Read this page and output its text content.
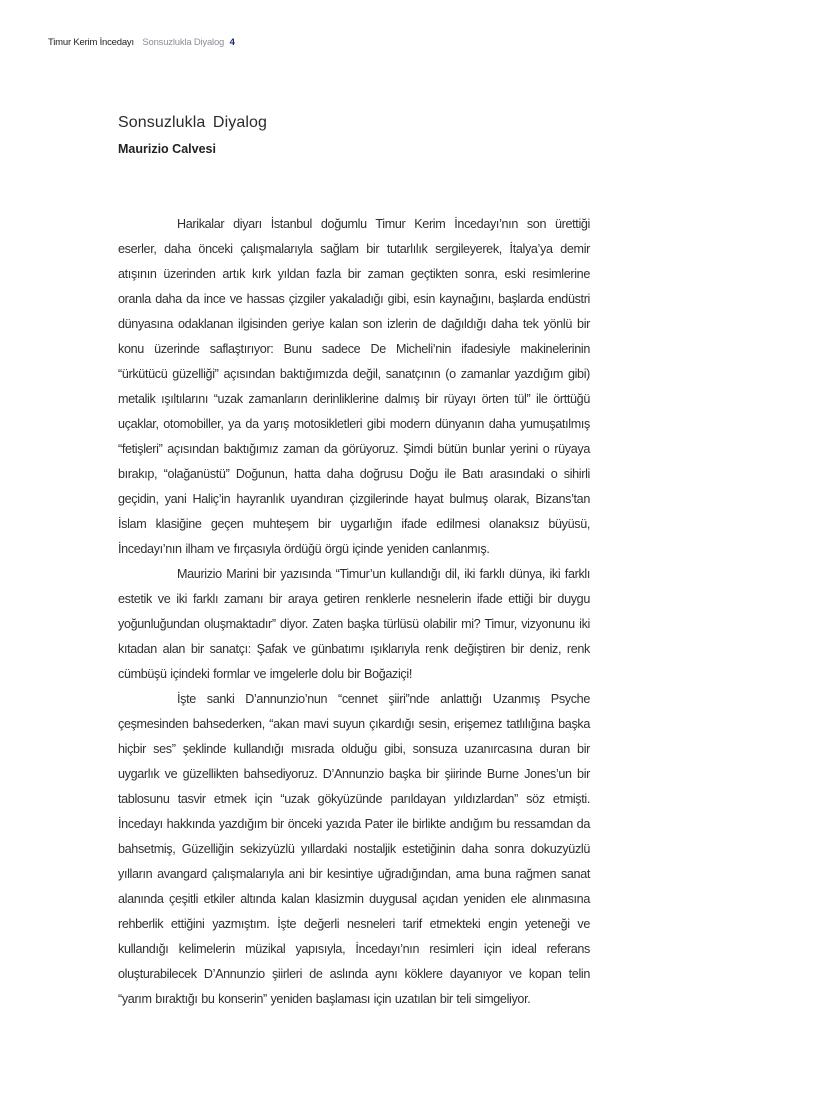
Timur Kerim İncedayı Sonsuzlukla Diyalog 4
Sonsuzlukla Diyalog
Maurizio Calvesi

Harikalar diyarı İstanbul doğumlu Timur Kerim İncedayı’nın son ürettiği eserler, daha önceki çalışmalarıyla sağlam bir tutarlılık sergileyerek, İtalya’ya demir atışının üzerinden artık kırk yıldan fazla bir zaman geçtikten sonra, eski resimlerine oranla daha da ince ve hassas çizgiler yakaladığı gibi, esin kaynağını, başlarda endüstri dünyasına odaklanan ilgisinden geriye kalan son izlerin de dağıldığı daha tek yönlü bir konu üzerinde saflaştırıyor: Bunu sadece De Micheli’nin ifadesiyle makinelerinin “ürkütücü güzelliği” açısından baktığımızda değil, sanatçının (o zamanlar yazdığım gibi) metalik ışıltılarını “uzak zamanların derinliklerine dalmış bir rüyayı örten tül” ile örttüğü uçaklar, otomobiller, ya da yarış motosikletleri gibi modern dünyanın daha yumuşatılmış “fetişleri” açısından baktığımız zaman da görüyoruz. Şimdi bütün bunlar yerini o rüyaya bırakıp, “olağanüstü” Doğunun, hatta daha doğrusu Doğu ile Batı arasındaki o sihirli geçidin, yani Haliç’in hayranlık uyandıran çizgilerinde hayat bulmuş olarak, Bizans’tan İslam klasiğine geçen muhteşem bir uygarlığın ifade edilmesi olanaksız büyüsü, İncedayı’nın ilham ve fırçasıyla ördüğü örgü içinde yeniden canlanmış.

Maurizio Marini bir yazısında “Timur’un kullandığı dil, iki farklı dünya, iki farklı estetik ve iki farklı zamanı bir araya getiren renklerle nesnelerin ifade ettiği bir duygu yoğunluğundan oluşmaktadır” diyor. Zaten başka türlüsü olabilir mi? Timur, vizyonunu iki kıtadan alan bir sanatçı: Şafak ve günbatımı ışıklarıyla renk değiştiren bir deniz, renk cümbüşü içindeki formlar ve imgelerle dolu bir Boğaziçi!

İşte sanki D’annunzio’nun “cennet şiiri”nde anlattığı Uzanmış Psyche çeşmesinden bahsederken, “akan mavi suyun çıkardığı sesin, erişemez tatlılığına başka hiçbir ses” şeklinde kullandığı mısrada olduğu gibi, sonsuza uzanırcasına duran bir uygarlık ve güzellikten bahsediyoruz. D’Annunzio başka bir şiirinde Burne Jones’un bir tablosunu tasvir etmek için “uzak gökyüzünde parıldayan yıldızlardan” söz etmişti. İncedayı hakkında yazdığım bir önceki yazıda Pater ile birlikte andığım bu ressamdan da bahsetmiş, Güzelliğin sekizyüzlü yıllardaki nostaljik estetiğinin daha sonra dokuzyüzlü yılların avangard çalışmalarıyla ani bir kesintiye uğradığından, ama buna rağmen sanat alanında çeşitli etkiler altında kalan klasizmin duygusal açıdan yeniden ele alınmasına rehberlik ettiğini yazmıştım. İşte değerli nesneleri tarif etmekteki engin yeteneği ve kullandığı kelimelerin müzikal yapısıyla, İncedayı’nın resimleri için ideal referans oluşturabilecek D’Annunzio şiirleri de aslında aynı köklere dayanıyor ve kopan telin “yarım bıraktığı bu konserin” yeniden başlaması için uzatılan bir teli simgeliyor.
